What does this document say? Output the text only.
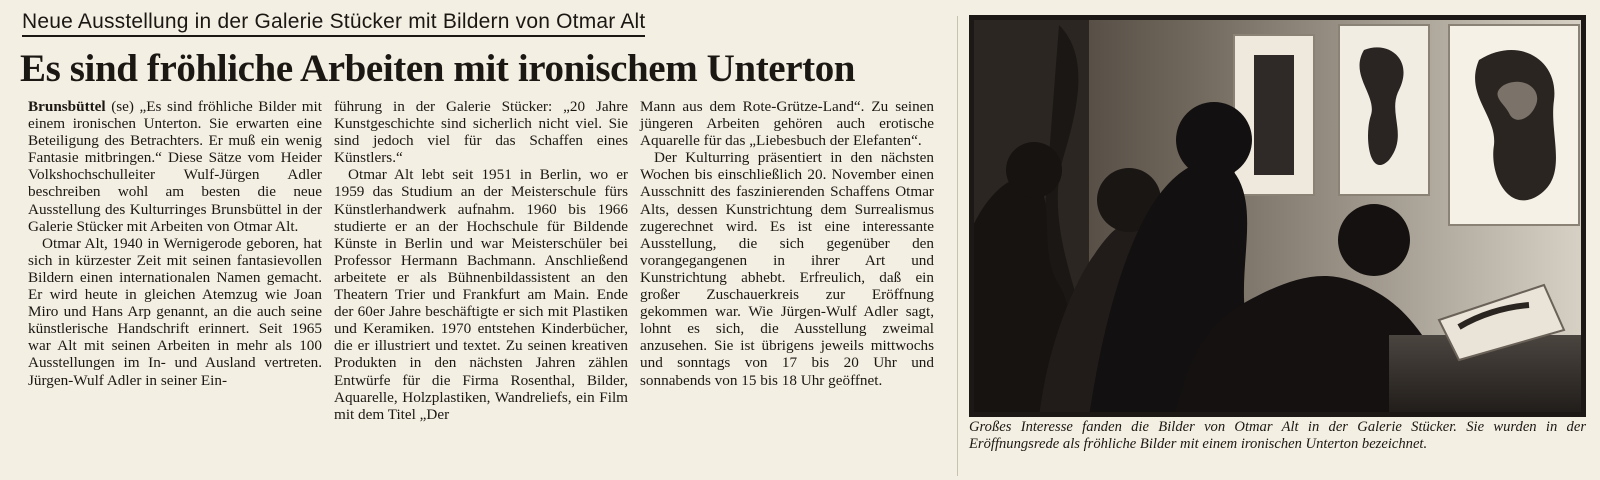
Neue Ausstellung in der Galerie Stücker mit Bildern von Otmar Alt
Es sind fröhliche Arbeiten mit ironischem Unterton

Brunsbüttel (se) „Es sind fröhliche Bilder mit einem ironischen Unterton. Sie erwarten eine Beteiligung des Betrachters. Er muß ein wenig Fantasie mitbringen.“ Diese Sätze vom Heider Volkshochschulleiter Wulf-Jürgen Adler beschreiben wohl am besten die neue Ausstellung des Kulturringes Brunsbüttel in der Galerie Stücker mit Arbeiten von Otmar Alt.

Otmar Alt, 1940 in Wernigerode geboren, hat sich in kürzester Zeit mit seinen fantasievollen Bildern einen internationalen Namen gemacht. Er wird heute in gleichen Atemzug wie Joan Miro und Hans Arp genannt, an die auch seine künstlerische Handschrift erinnert. Seit 1965 war Alt mit seinen Arbeiten in mehr als 100 Ausstellungen im In- und Ausland vertreten. Jürgen-Wulf Adler in seiner Ein-

führung in der Galerie Stücker: „20 Jahre Kunstgeschichte sind sicherlich nicht viel. Sie sind jedoch viel für das Schaffen eines Künstlers.“

Otmar Alt lebt seit 1951 in Berlin, wo er 1959 das Studium an der Meisterschule fürs Künstlerhandwerk aufnahm. 1960 bis 1966 studierte er an der Hochschule für Bildende Künste in Berlin und war Meisterschüler bei Professor Hermann Bachmann. Anschließend arbeitete er als Bühnenbildassistent an den Theatern Trier und Frankfurt am Main. Ende der 60er Jahre beschäftigte er sich mit Plastiken und Keramiken. 1970 entstehen Kinderbücher, die er illustriert und textet. Zu seinen kreativen Produkten in den nächsten Jahren zählen Entwürfe für die Firma Rosenthal, Bilder, Aquarelle, Holzplastiken, Wandreliefs, ein Film mit dem Titel „Der

Mann aus dem Rote-Grütze-Land“. Zu seinen jüngeren Arbeiten gehören auch erotische Aquarelle für das „Liebesbuch der Elefanten“.

Der Kulturring präsentiert in den nächsten Wochen bis einschließlich 20. November einen Ausschnitt des faszinierenden Schaffens Otmar Alts, dessen Kunstrichtung dem Surrealismus zugerechnet wird. Es ist eine interessante Ausstellung, die sich gegenüber den vorangegangenen in ihrer Art und Kunstrichtung abhebt. Erfreulich, daß ein großer Zuschauerkreis zur Eröffnung gekommen war. Wie Jürgen-Wulf Adler sagt, lohnt es sich, die Ausstellung zweimal anzusehen. Sie ist übrigens jeweils mittwochs und sonntags von 17 bis 20 Uhr und sonnabends von 15 bis 18 Uhr geöffnet.

Großes Interesse fanden die Bilder von Otmar Alt in der Galerie Stücker. Sie wurden in der Eröffnungsrede als fröhliche Bilder mit einem ironischen Unterton bezeichnet.
